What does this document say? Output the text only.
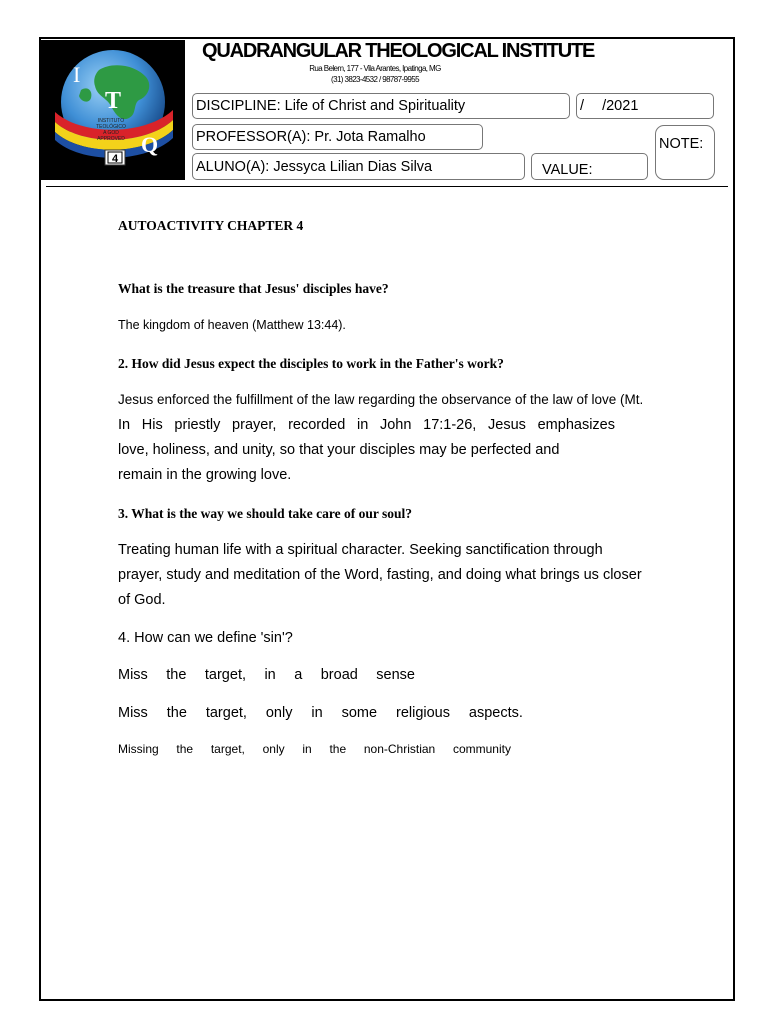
I
T
Q
INSTITUTO
TEOLÓGICO
A GOD
APPROVED
4
QUADRANGULAR THEOLOGICAL INSTITUTE
Rua Belem, 177 - Vila Arantes, Ipatinga, MG
(31) 3823-4532 / 98787-9955
DISCIPLINE: Life of Christ and Spirituality	/ /2021
PROFESSOR(A): Pr. Jota Ramalho	NOTE:
ALUNO(A): Jessyca Lilian Dias Silva	VALUE:
AUTOACTIVITY CHAPTER 4
What is the treasure that Jesus' disciples have?
The kingdom of heaven (Matthew 13:44).
2. How did Jesus expect the disciples to work in the Father's work?
Jesus enforced the fulfillment of the law regarding the observance of the law of love (Mt.
In His priestly prayer, recorded in John 17:1-26, Jesus emphasizes
love, holiness, and unity, so that your disciples may be perfected and
remain in the growing love.
3. What is the way we should take care of our soul?
Treating human life with a spiritual character. Seeking sanctification through
prayer, study and meditation of the Word, fasting, and doing what brings us closer
of God.
4. How can we define 'sin'?
Miss the target, in a broad sense
Miss the target, only in some religious aspects.
Missing the target, only in the non-Christian community
